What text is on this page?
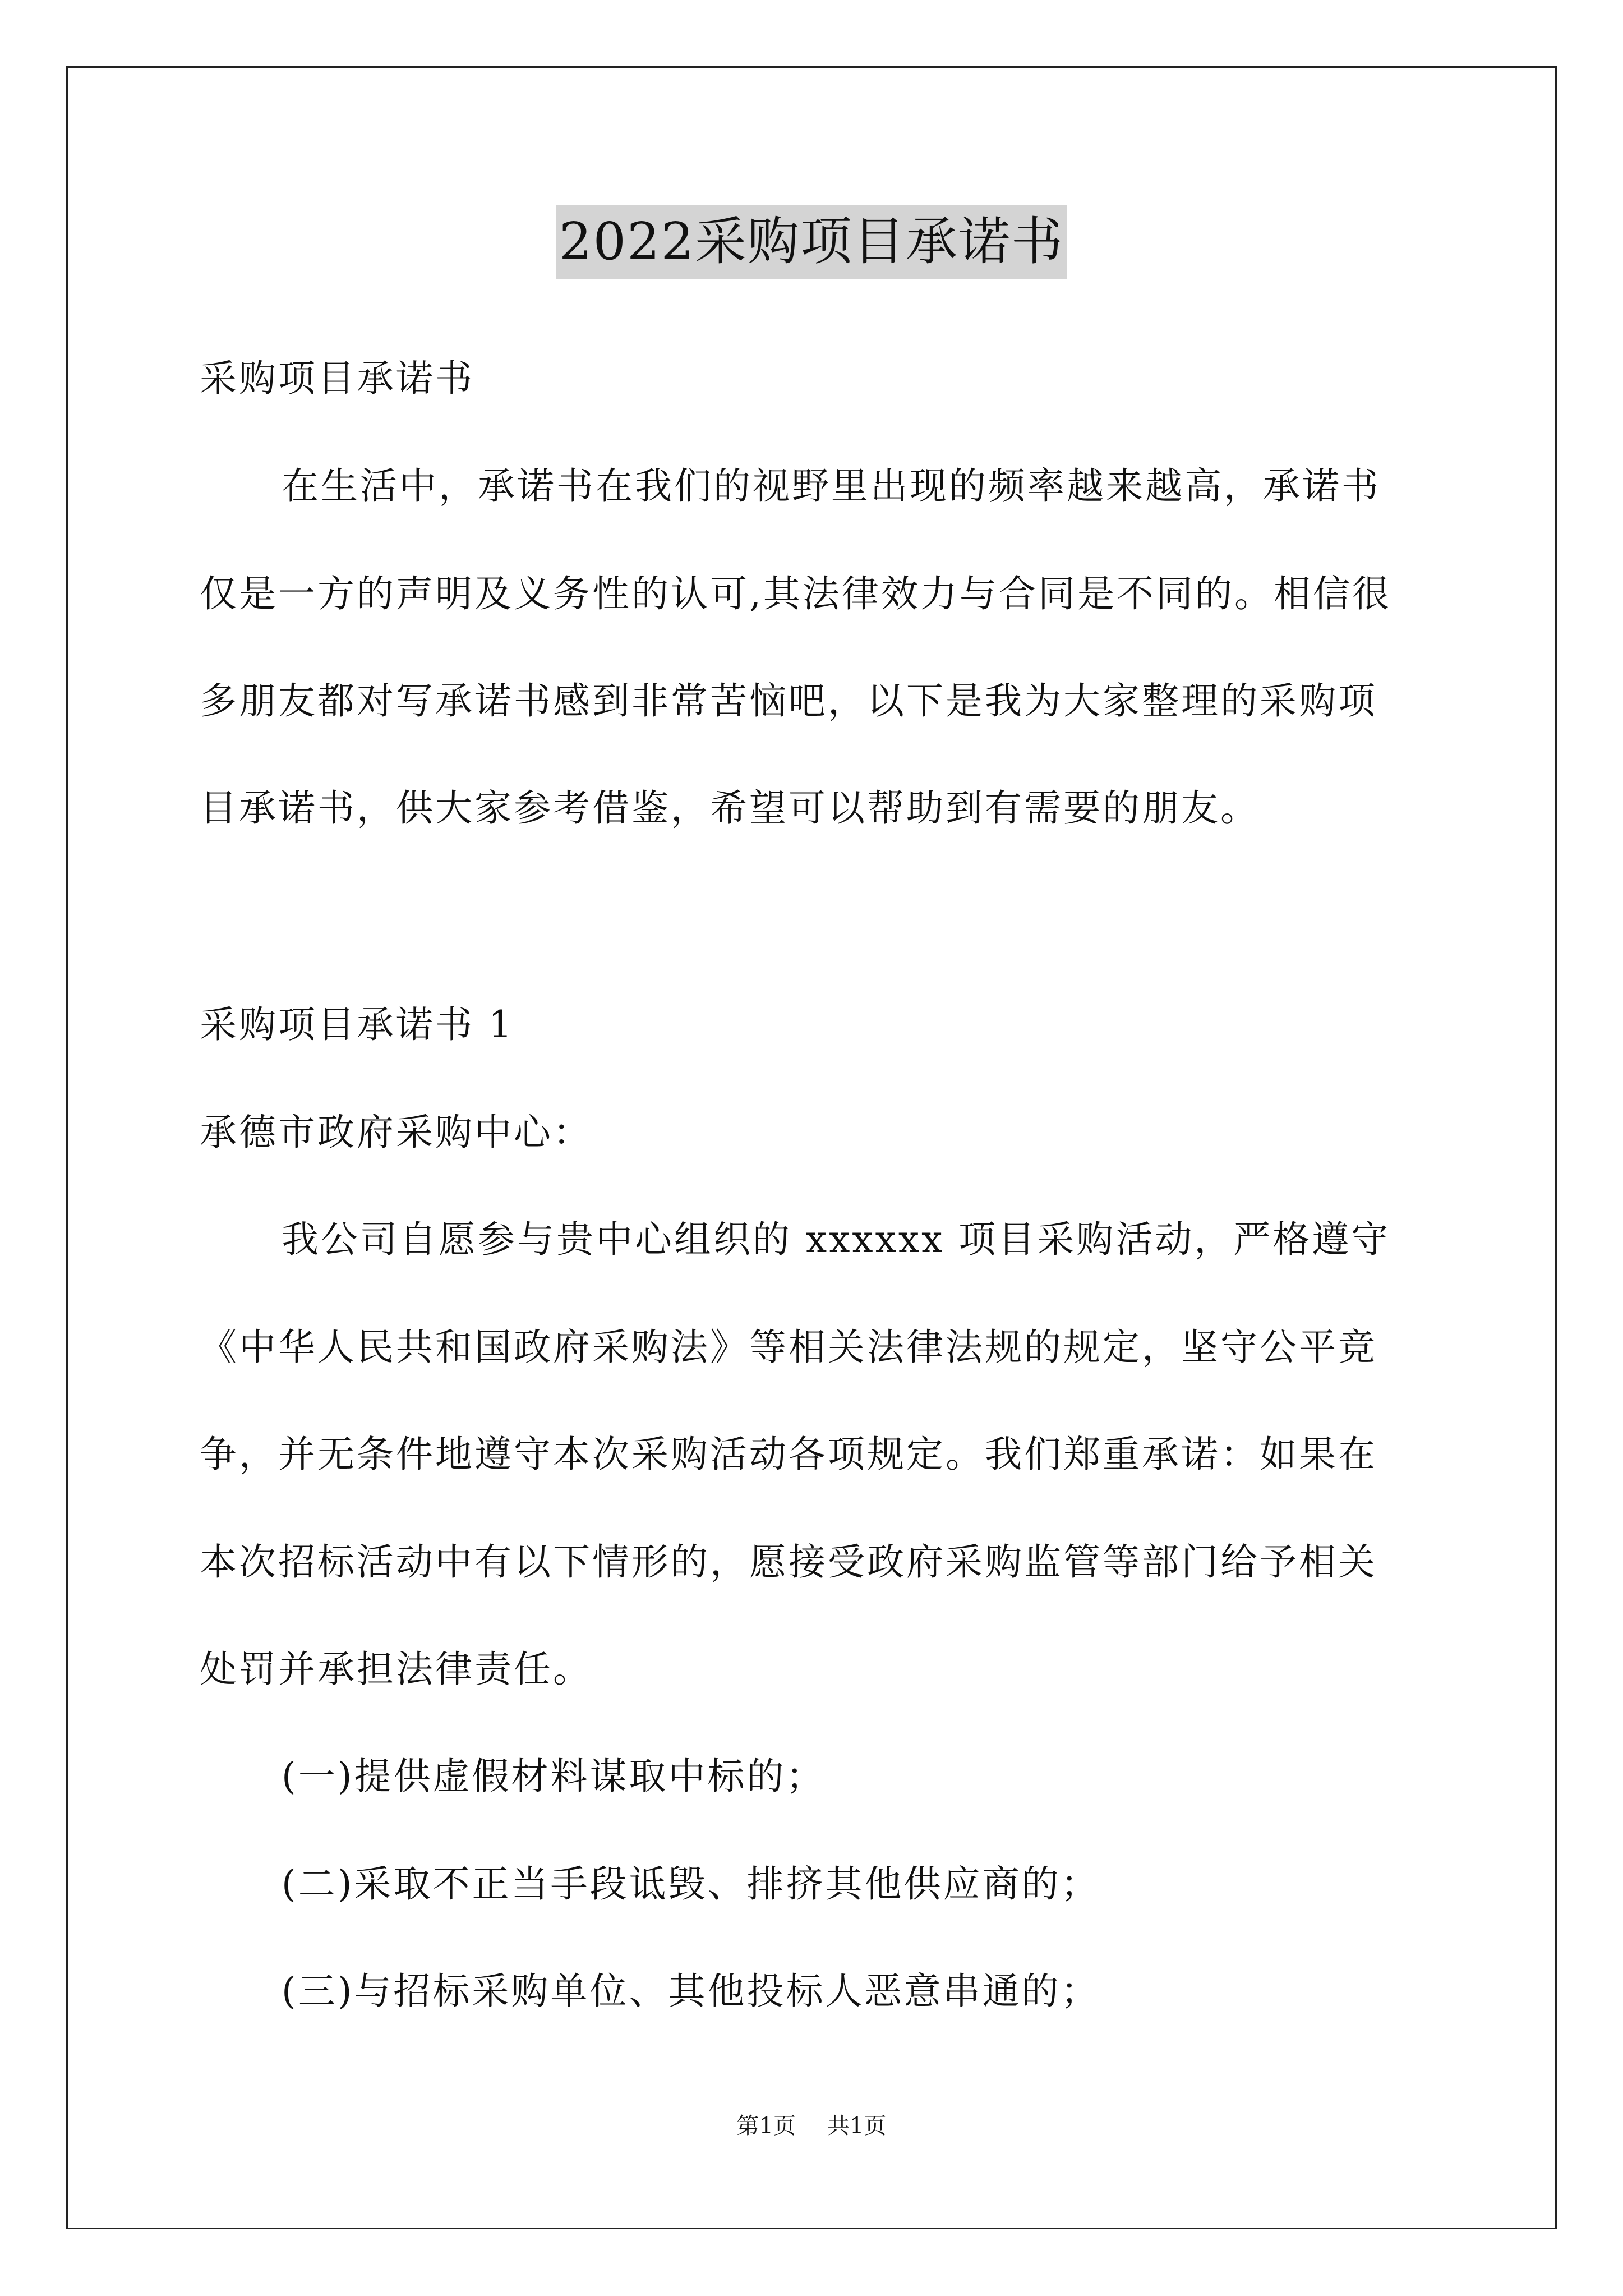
2022采购项目承诺书
采购项目承诺书
在生活中，承诺书在我们的视野里出现的频率越来越高，承诺书
仅是一方的声明及义务性的认可,其法律效力与合同是不同的。相信很
多朋友都对写承诺书感到非常苦恼吧，以下是我为大家整理的采购项
目承诺书，供大家参考借鉴，希望可以帮助到有需要的朋友。
采购项目承诺书 1
承德市政府采购中心：
我公司自愿参与贵中心组织的 xxxxxx 项目采购活动，严格遵守
《中华人民共和国政府采购法》等相关法律法规的规定，坚守公平竞
争，并无条件地遵守本次采购活动各项规定。我们郑重承诺：如果在
本次招标活动中有以下情形的，愿接受政府采购监管等部门给予相关
处罚并承担法律责任。
(一)提供虚假材料谋取中标的；
(二)采取不正当手段诋毁、排挤其他供应商的；
(三)与招标采购单位、其他投标人恶意串通的；
第1页 共1页
